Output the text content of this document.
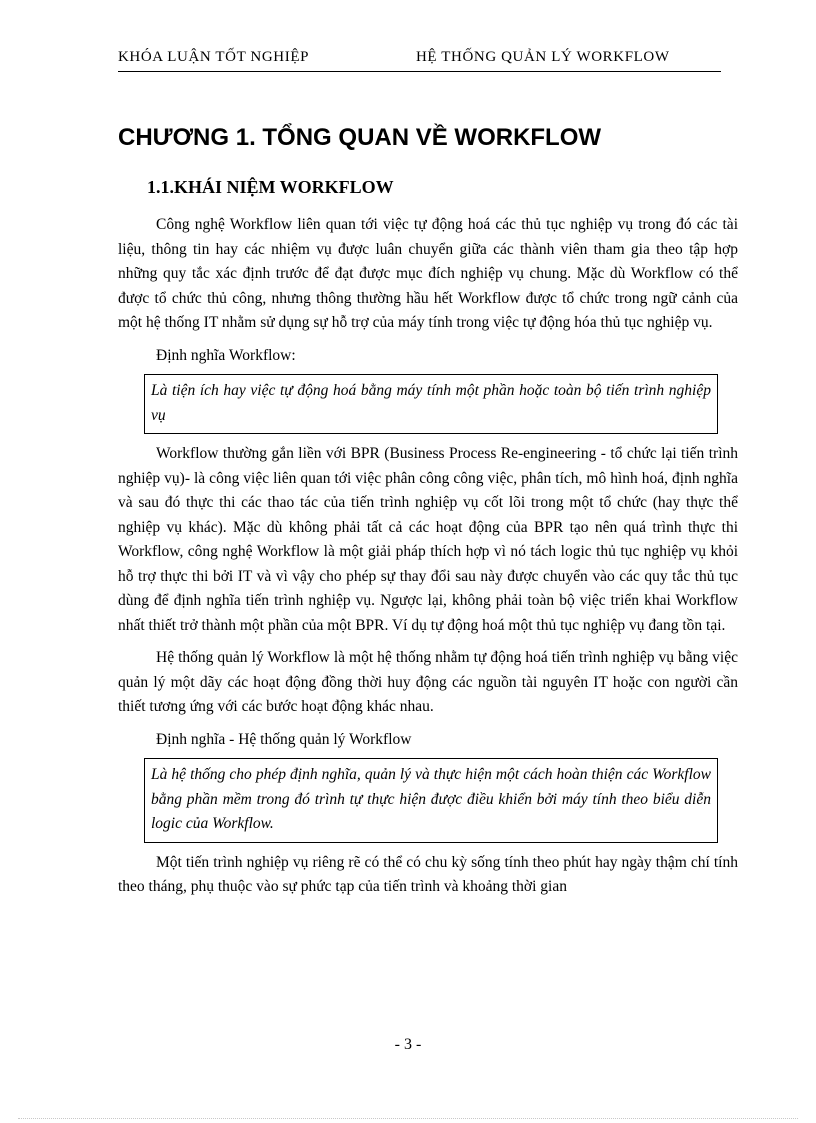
KHÓA LUẬN TỐT NGHIỆP	HỆ THỐNG QUẢN LÝ WORKFLOW
CHƯƠNG 1. TỔNG QUAN VỀ WORKFLOW
1.1.KHÁI NIỆM WORKFLOW

Công nghệ Workflow liên quan tới việc tự động hoá các thủ tục nghiệp vụ trong đó các tài liệu, thông tin hay các nhiệm vụ được luân chuyển giữa các thành viên tham gia theo tập hợp những quy tắc xác định trước để đạt được mục đích nghiệp vụ chung. Mặc dù Workflow có thể được tổ chức thủ công, nhưng thông thường hầu hết Workflow được tổ chức trong ngữ cảnh của một hệ thống IT nhằm sử dụng sự hỗ trợ của máy tính trong việc tự động hóa thủ tục nghiệp vụ.

Định nghĩa Workflow:

Là tiện ích hay việc tự động hoá bằng máy tính một phần hoặc toàn bộ tiến trình nghiệp vụ

Workflow thường gắn liền với BPR (Business Process Re-engineering - tổ chức lại tiến trình nghiệp vụ)- là công việc liên quan tới việc phân công công việc, phân tích, mô hình hoá, định nghĩa và sau đó thực thi các thao tác của tiến trình nghiệp vụ cốt lõi trong một tổ chức (hay thực thể nghiệp vụ khác). Mặc dù không phải tất cả các hoạt động của BPR tạo nên quá trình thực thi Workflow, công nghệ Workflow là một giải pháp thích hợp vì nó tách logic thủ tục nghiệp vụ khỏi hỗ trợ thực thi bởi IT và vì vậy cho phép sự thay đổi sau này được chuyển vào các quy tắc thủ tục dùng để định nghĩa tiến trình nghiệp vụ. Ngược lại, không phải toàn bộ việc triển khai Workflow nhất thiết trở thành một phần của một BPR. Ví dụ tự động hoá một thủ tục nghiệp vụ đang tồn tại.

Hệ thống quản lý Workflow là một hệ thống nhằm tự động hoá tiến trình nghiệp vụ bằng việc quản lý một dãy các hoạt động đồng thời huy động các nguồn tài nguyên IT hoặc con người cần thiết tương ứng với các bước hoạt động khác nhau.

Định nghĩa - Hệ thống quản lý Workflow

Là hệ thống cho phép định nghĩa, quản lý và thực hiện một cách hoàn thiện các Workflow bằng phần mềm trong đó trình tự thực hiện được điều khiển bởi máy tính theo biểu diễn logic của Workflow.

Một tiến trình nghiệp vụ riêng rẽ có thể có chu kỳ sống tính theo phút hay ngày thậm chí tính theo tháng, phụ thuộc vào sự phức tạp của tiến trình và khoảng thời gian

- 3 -
